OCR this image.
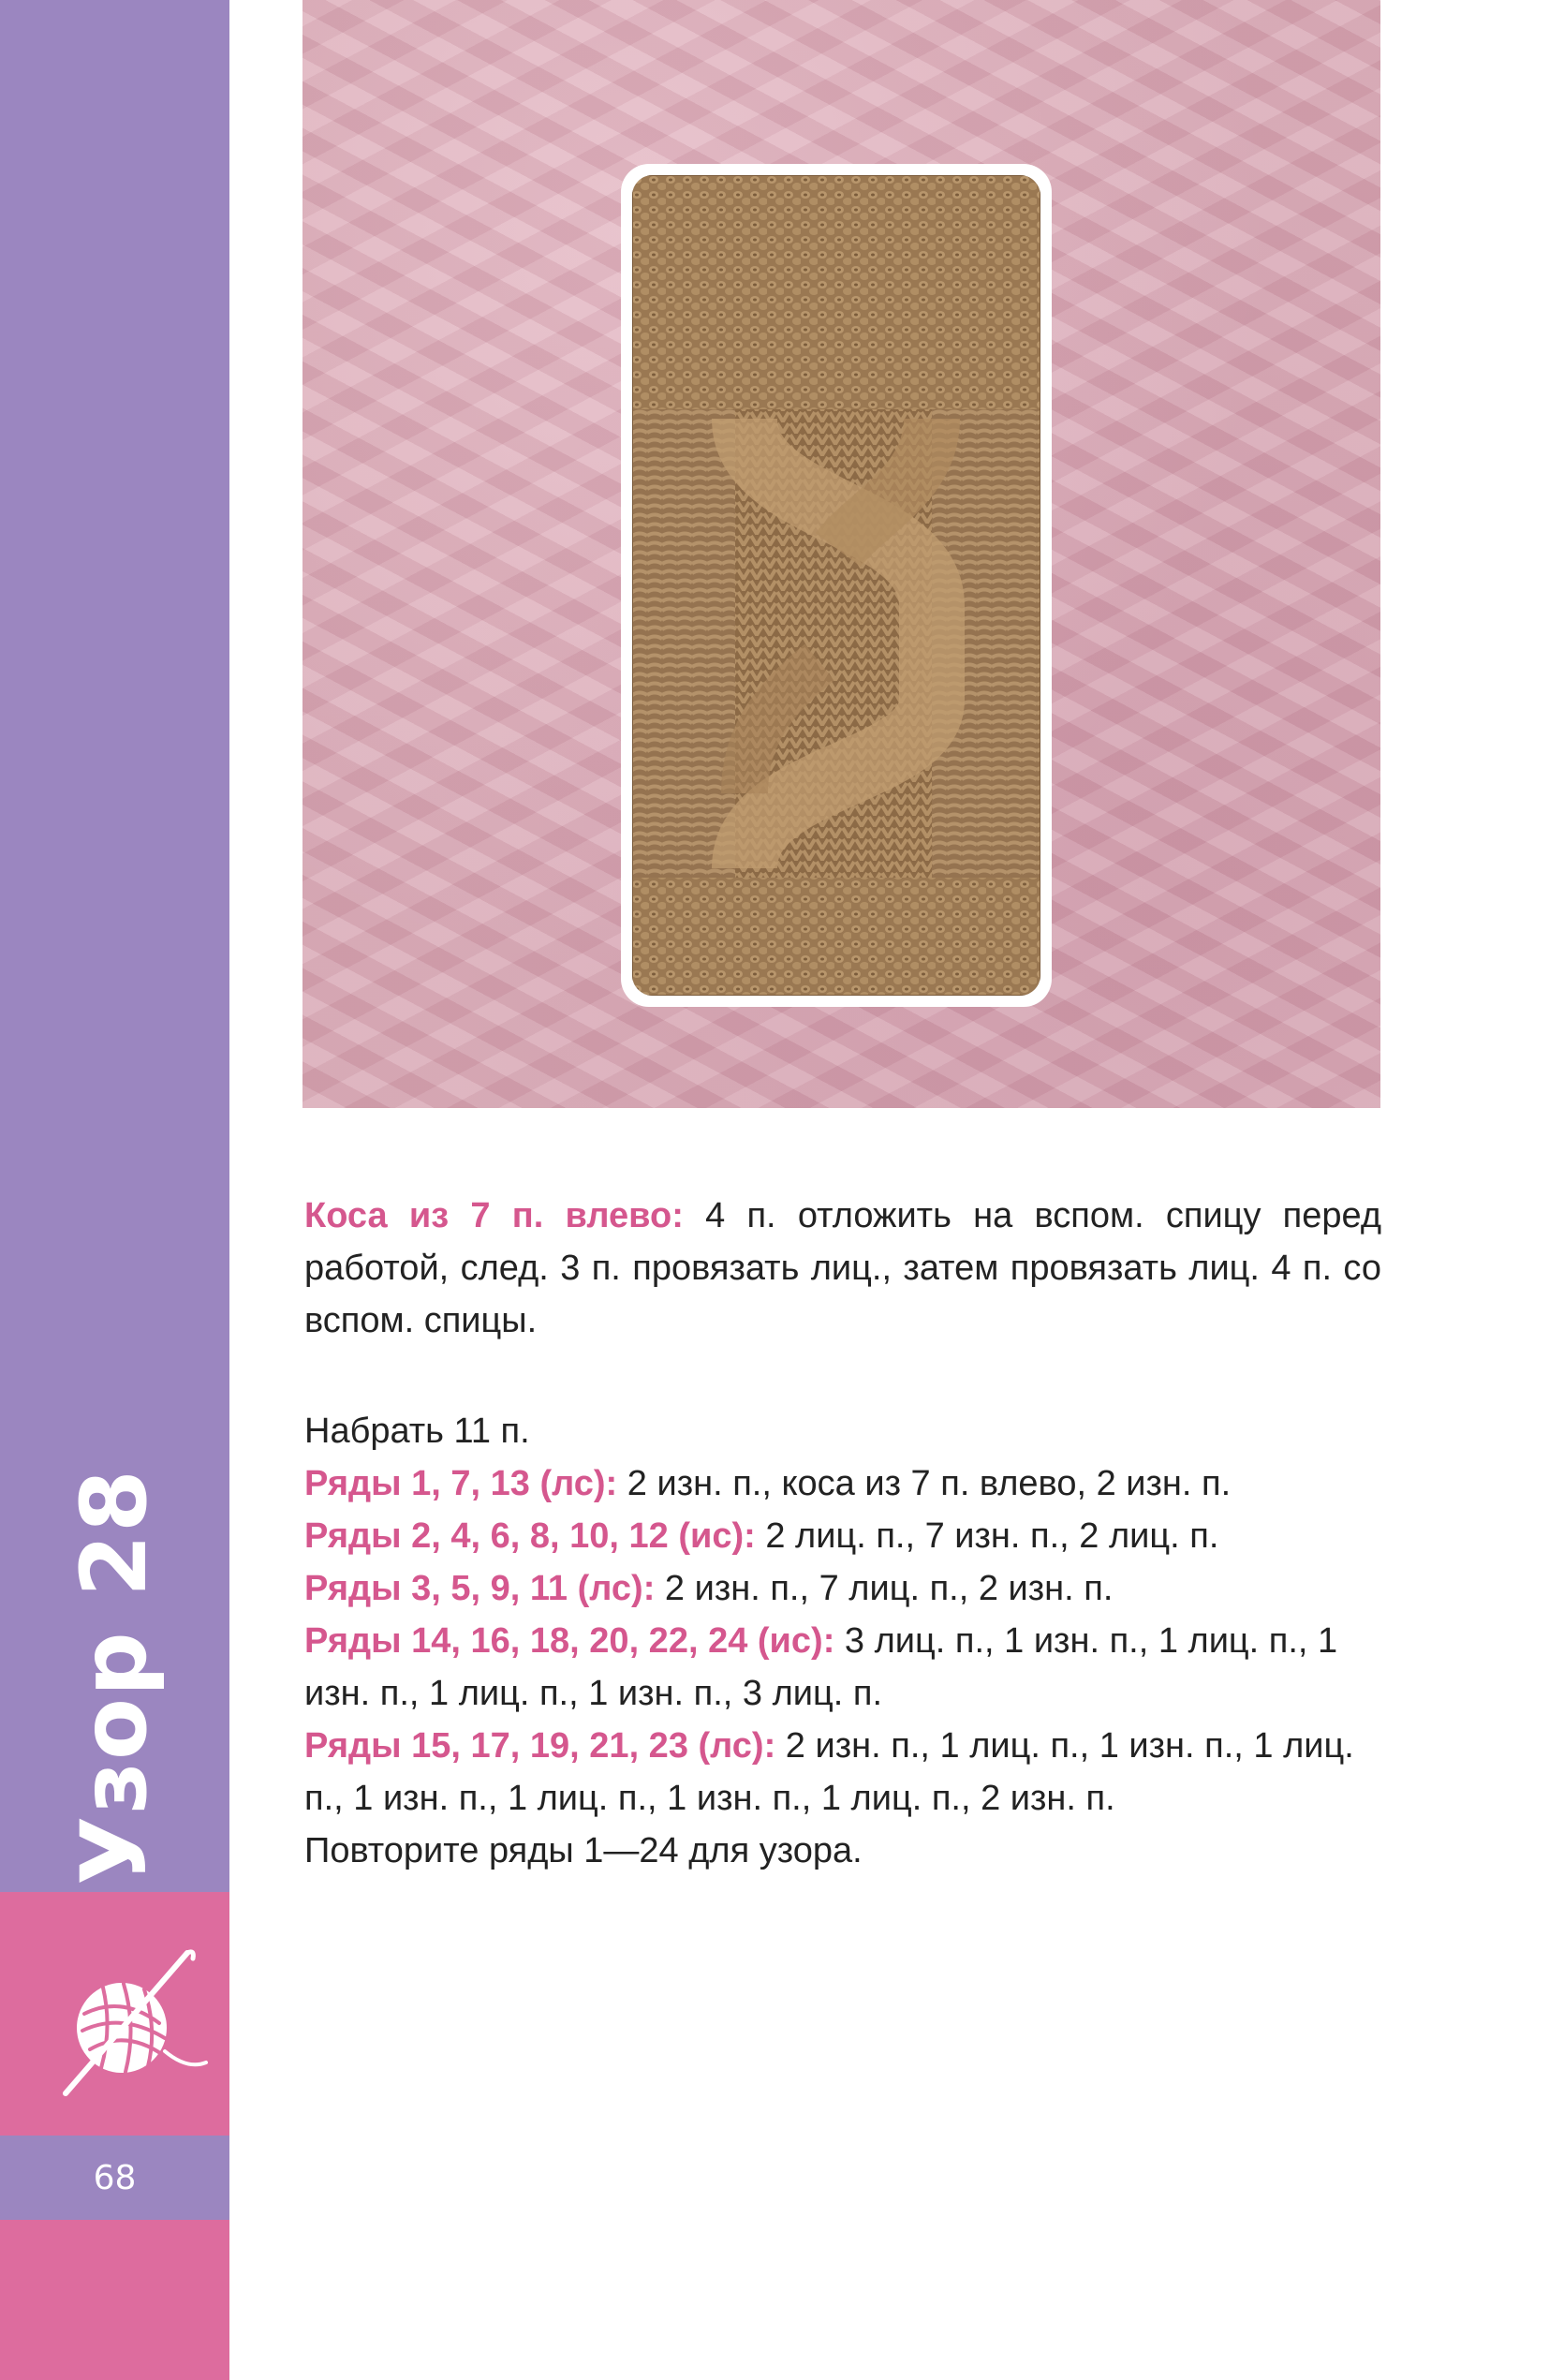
Узор 28
68

Коса из 7 п. влево: 4 п. отложить на вспом. спицу перед работой, след. 3 п. провязать лиц., затем провязать лиц. 4 п. со вспом. спицы.

Набрать 11 п.

Ряды 1, 7, 13 (лс): 2 изн. п., коса из 7 п. влево, 2 изн. п.

Ряды 2, 4, 6, 8, 10, 12 (ис): 2 лиц. п., 7 изн. п., 2 лиц. п.

Ряды 3, 5, 9, 11 (лс): 2 изн. п., 7 лиц. п., 2 изн. п.

Ряды 14, 16, 18, 20, 22, 24 (ис): 3 лиц. п., 1 изн. п., 1 лиц. п., 1 изн. п., 1 лиц. п., 1 изн. п., 3 лиц. п.

Ряды 15, 17, 19, 21, 23 (лс): 2 изн. п., 1 лиц. п., 1 изн. п., 1 лиц. п., 1 изн. п., 1 лиц. п., 1 изн. п., 1 лиц. п., 2 изн. п.

Повторите ряды 1—24 для узора.
